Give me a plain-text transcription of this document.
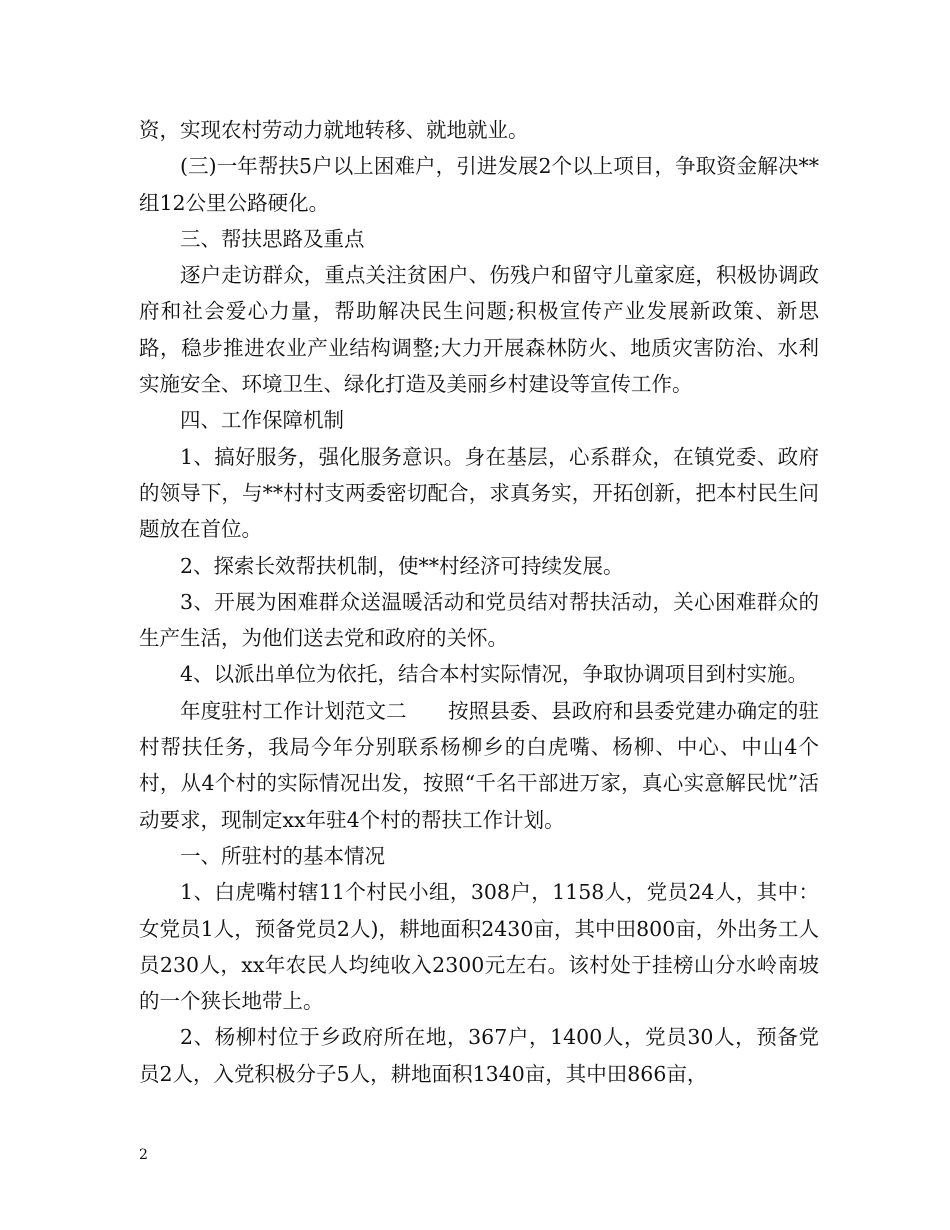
资，实现农村劳动力就地转移、就地就业。

(三)一年帮扶5户以上困难户，引进发展2个以上项目，争取资金解决**组12公里公路硬化。

三、帮扶思路及重点

逐户走访群众，重点关注贫困户、伤残户和留守儿童家庭，积极协调政府和社会爱心力量，帮助解决民生问题;积极宣传产业发展新政策、新思路，稳步推进农业产业结构调整;大力开展森林防火、地质灾害防治、水利实施安全、环境卫生、绿化打造及美丽乡村建设等宣传工作。

四、工作保障机制

1、搞好服务，强化服务意识。身在基层，心系群众，在镇党委、政府的领导下，与**村村支两委密切配合，求真务实，开拓创新，把本村民生问题放在首位。

2、探索长效帮扶机制，使**村经济可持续发展。

3、开展为困难群众送温暖活动和党员结对帮扶活动，关心困难群众的生产生活，为他们送去党和政府的关怀。

4、以派出单位为依托，结合本村实际情况，争取协调项目到村实施。

年度驻村工作计划范文二　　按照县委、县政府和县委党建办确定的驻村帮扶任务，我局今年分别联系杨柳乡的白虎嘴、杨柳、中心、中山4个村，从4个村的实际情况出发，按照“千名干部进万家，真心实意解民忧”活动要求，现制定xx年驻4个村的帮扶工作计划。

一、所驻村的基本情况

1、白虎嘴村辖11个村民小组，308户，1158人，党员24人，其中：女党员1人，预备党员2人)，耕地面积2430亩，其中田800亩，外出务工人员230人，xx年农民人均纯收入2300元左右。该村处于挂榜山分水岭南坡的一个狭长地带上。

2、杨柳村位于乡政府所在地，367户，1400人，党员30人，预备党员2人，入党积极分子5人，耕地面积1340亩，其中田866亩，

2
